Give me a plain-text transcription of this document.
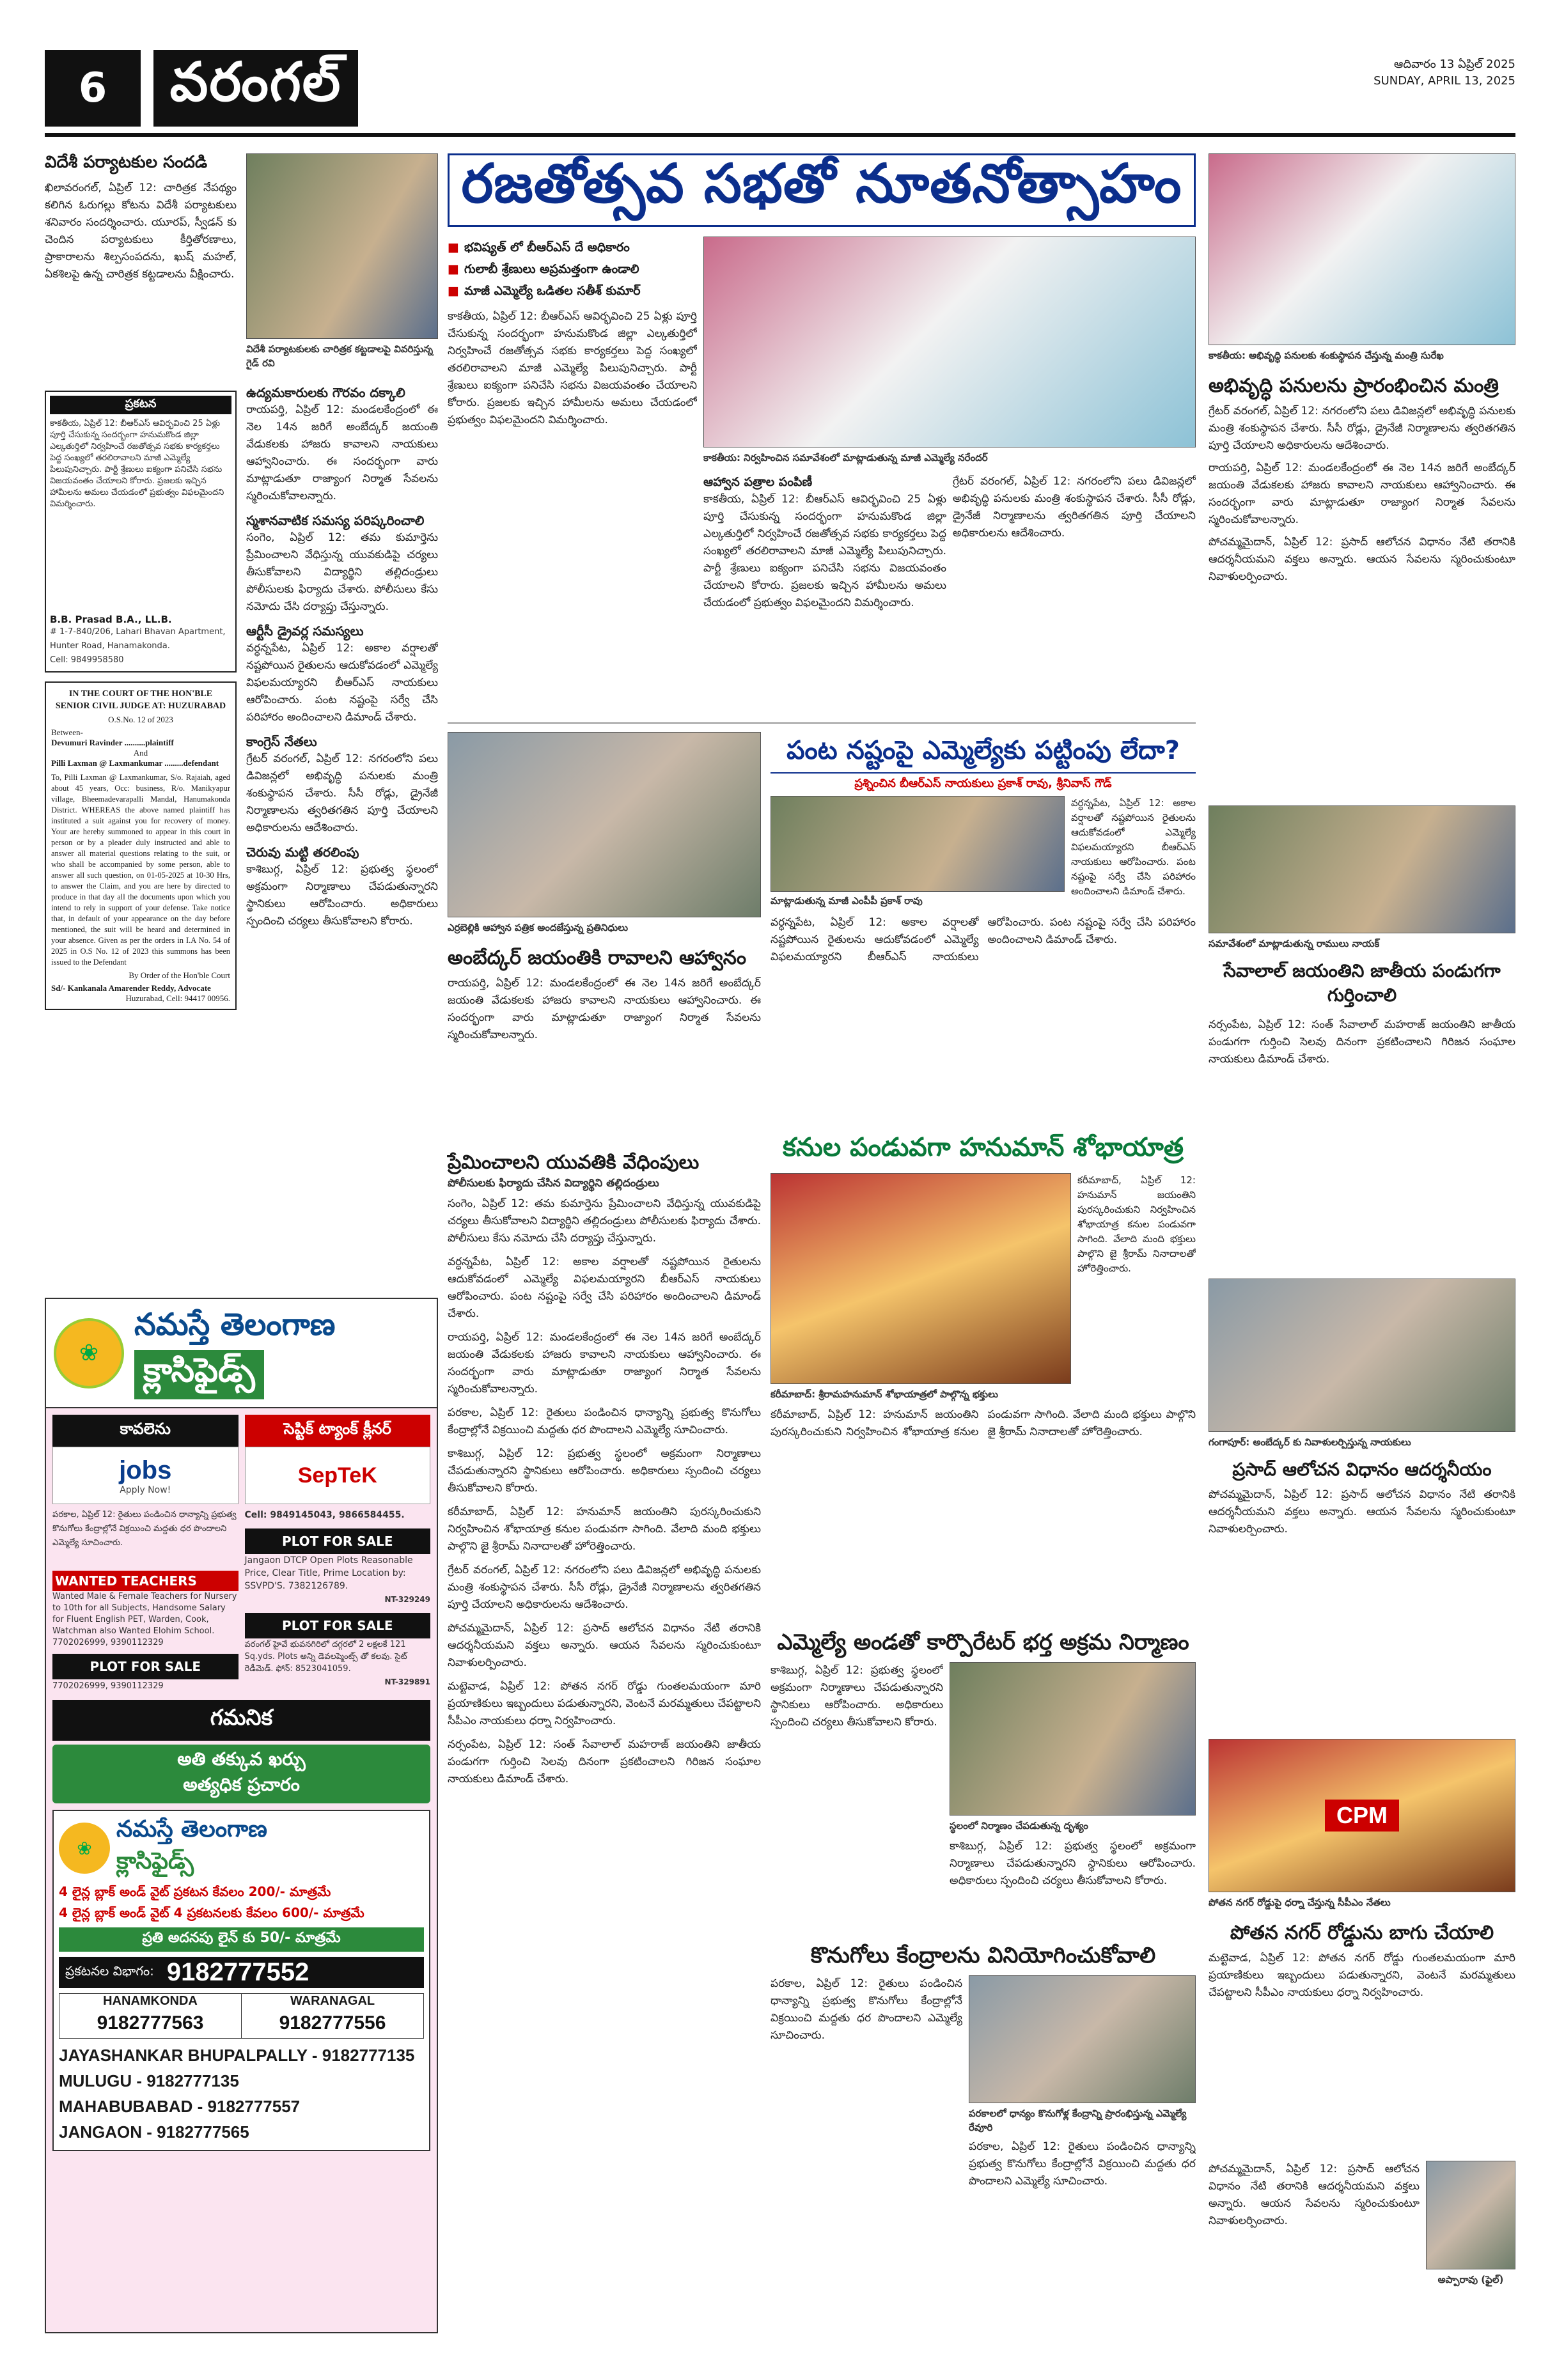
6	వరంగల్	ఆదివారం 13 ఏప్రిల్ 2025
SUNDAY, APRIL 13, 2025
విదేశీ పర్యాటకుల సందడి
ఖిలావరంగల్, ఏప్రిల్ 12: చారిత్రక నేపథ్యం కలిగిన ఓరుగల్లు కోటను విదేశీ పర్యాటకులు శనివారం సందర్శించారు. యూరప్, స్వీడన్ కు చెందిన పర్యాటకులు కీర్తితోరణాలు, ప్రాకారాలను శిల్పసంపదను, ఖుష్ మహల్, ఏకశిలపై ఉన్న చారిత్రక కట్టడాలను వీక్షించారు.
ప్రకటన
కాకతీయ, ఏప్రిల్ 12: బీఆర్ఎస్ ఆవిర్భవించి 25 ఏళ్లు పూర్తి చేసుకున్న సందర్భంగా హనుమకొండ జిల్లా ఎల్కతుర్తిలో నిర్వహించే రజతోత్సవ సభకు కార్యకర్తలు పెద్ద సంఖ్యలో తరలిరావాలని మాజీ ఎమ్మెల్యే పిలుపునిచ్చారు. పార్టీ శ్రేణులు ఐక్యంగా పనిచేసి సభను విజయవంతం చేయాలని కోరారు. ప్రజలకు ఇచ్చిన హామీలను అమలు చేయడంలో ప్రభుత్వం విఫలమైందని విమర్శించారు.
B.B. Prasad B.A., LL.B.
# 1-7-840/206, Lahari Bhavan Apartment, Hunter Road, Hanamakonda.
Cell: 9849958580
IN THE COURT OF THE HON'BLE SENIOR CIVIL JUDGE AT: HUZURABAD
O.S.No. 12 of 2023
Between-
Devumuri Ravinder ..........plaintiff
And
Pilli Laxman @ Laxmankumar .........defendant
To, Pilli Laxman @ Laxmankumar, S/o. Rajaiah, aged about 45 years, Occ: business, R/o. Manikyapur village, Bheemadevarapalli Mandal, Hanumakonda District. WHEREAS the above named plaintiff has instituted a suit against you for recovery of money. Your are hereby summoned to appear in this court in person or by a pleader duly instructed and able to answer all material questions relating to the suit, or who shall be accompanied by some person, able to answer all such question, on 01-05-2025 at 10-30 Hrs, to answer the Claim, and you are here by directed to produce in that day all the documents upon which you intend to rely in support of your defense. Take notice that, in default of your appearance on the day before mentioned, the suit will be heard and determined in your absence. Given as per the orders in I.A No. 54 of 2025 in O.S No. 12 of 2023 this summons has been issued to the Defendant
By Order of the Hon'ble Court
Sd/- Kankanala Amarender Reddy, Advocate
Huzurabad, Cell: 94417 00956.
విదేశీ పర్యాటకులకు చారిత్రక కట్టడాలపై వివరిస్తున్న గైడ్ రవి
ఉద్యమకారులకు గౌరవం దక్కాలి
రాయపర్తి, ఏప్రిల్ 12: మండలకేంద్రంలో ఈ నెల 14న జరిగే అంబేద్కర్ జయంతి వేడుకలకు హాజరు కావాలని నాయకులు ఆహ్వానించారు. ఈ సందర్భంగా వారు మాట్లాడుతూ రాజ్యాంగ నిర్మాత సేవలను స్మరించుకోవాలన్నారు.
స్మశానవాటిక సమస్య పరిష్కరించాలి
సంగెం, ఏప్రిల్ 12: తమ కుమార్తెను ప్రేమించాలని వేధిస్తున్న యువకుడిపై చర్యలు తీసుకోవాలని విద్యార్థిని తల్లిదండ్రులు పోలీసులకు ఫిర్యాదు చేశారు. పోలీసులు కేసు నమోదు చేసి దర్యాప్తు చేస్తున్నారు.
ఆర్టీసీ డ్రైవర్ల సమస్యలు
వర్ధన్నపేట, ఏప్రిల్ 12: అకాల వర్షాలతో నష్టపోయిన రైతులను ఆదుకోవడంలో ఎమ్మెల్యే విఫలమయ్యారని బీఆర్ఎస్ నాయకులు ఆరోపించారు. పంట నష్టంపై సర్వే చేసి పరిహారం అందించాలని డిమాండ్ చేశారు.
కాంగ్రెస్ నేతలు
గ్రేటర్ వరంగల్, ఏప్రిల్ 12: నగరంలోని పలు డివిజన్లలో అభివృద్ధి పనులకు మంత్రి శంకుస్థాపన చేశారు. సీసీ రోడ్లు, డ్రైనేజీ నిర్మాణాలను త్వరితగతిన పూర్తి చేయాలని అధికారులను ఆదేశించారు.
చెరువు మట్టి తరలింపు
కాశిబుగ్గ, ఏప్రిల్ 12: ప్రభుత్వ స్థలంలో అక్రమంగా నిర్మాణాలు చేపడుతున్నారని స్థానికులు ఆరోపించారు. అధికారులు స్పందించి చర్యలు తీసుకోవాలని కోరారు.
❀
నమస్తే తెలంగాణ
క్లాసిఫైడ్స్
కావలెను
jobs
Apply Now!
పరకాల, ఏప్రిల్ 12: రైతులు పండించిన ధాన్యాన్ని ప్రభుత్వ కొనుగోలు కేంద్రాల్లోనే విక్రయించి మద్దతు ధర పొందాలని ఎమ్మెల్యే సూచించారు.
WANTED TEACHERS
Wanted Male & Female Teachers for Nursery to 10th for all Subjects, Handsome Salary for Fluent English PET, Warden, Cook, Watchman also Wanted Elohim School. 7702026999, 9390112329
PLOT FOR SALE
7702026999, 9390112329
సెప్టిక్ ట్యాంక్ క్లీనర్
SepTeK
Cell: 9849145043, 9866584455.
PLOT FOR SALE
Jangaon DTCP Open Plots Reasonable Price, Clear Title, Prime Location by: SSVPD'S. 7382126789.
NT-329249
PLOT FOR SALE
వరంగల్ హైవే భువనగిరిలో దగ్గరలో 2 లక్షలకే 121 Sq.yds. Plots అన్ని డెవలప్మెంట్స్ తో కలవు. సైట్ రెడీమెడ్. ఫోన్: 8523041059.
NT-329891
గమనిక
అతి తక్కువ ఖర్చు
అత్యధిక ప్రచారం
❀
నమస్తే తెలంగాణ
క్లాసిఫైడ్స్
4 లైన్ల బ్లాక్ అండ్ వైట్ ప్రకటన కేవలం 200/- మాత్రమే
4 లైన్ల బ్లాక్ అండ్ వైట్ 4 ప్రకటనలకు కేవలం 600/- మాత్రమే
ప్రతి అదనపు లైన్ కు 50/- మాత్రమే
ప్రకటనల విభాగం: 9182777552
HANAMKONDA
9182777563
WARANAGAL
9182777556
JAYASHANKAR BHUPALPALLY - 9182777135
MULUGU - 9182777135
MAHABUBABAD - 9182777557
JANGAON - 9182777565
రజతోత్సవ సభతో నూతనోత్సాహం
■ భవిష్యత్ లో బీఆర్ఎస్ దే అధికారం
■ గులాబీ శ్రేణులు అప్రమత్తంగా ఉండాలి
■ మాజీ ఎమ్మెల్యే ఒడితల సతీశ్ కుమార్
కాకతీయ, ఏప్రిల్ 12: బీఆర్ఎస్ ఆవిర్భవించి 25 ఏళ్లు పూర్తి చేసుకున్న సందర్భంగా హనుమకొండ జిల్లా ఎల్కతుర్తిలో నిర్వహించే రజతోత్సవ సభకు కార్యకర్తలు పెద్ద సంఖ్యలో తరలిరావాలని మాజీ ఎమ్మెల్యే పిలుపునిచ్చారు. పార్టీ శ్రేణులు ఐక్యంగా పనిచేసి సభను విజయవంతం చేయాలని కోరారు. ప్రజలకు ఇచ్చిన హామీలను అమలు చేయడంలో ప్రభుత్వం విఫలమైందని విమర్శించారు.
కాకతీయ: నిర్వహించిన సమావేశంలో మాట్లాడుతున్న మాజీ ఎమ్మెల్యే నరేందర్
ఆహ్వాన పత్రాల పంపిణీ
కాకతీయ, ఏప్రిల్ 12: బీఆర్ఎస్ ఆవిర్భవించి 25 ఏళ్లు పూర్తి చేసుకున్న సందర్భంగా హనుమకొండ జిల్లా ఎల్కతుర్తిలో నిర్వహించే రజతోత్సవ సభకు కార్యకర్తలు పెద్ద సంఖ్యలో తరలిరావాలని మాజీ ఎమ్మెల్యే పిలుపునిచ్చారు. పార్టీ శ్రేణులు ఐక్యంగా పనిచేసి సభను విజయవంతం చేయాలని కోరారు. ప్రజలకు ఇచ్చిన హామీలను అమలు చేయడంలో ప్రభుత్వం విఫలమైందని విమర్శించారు.
గ్రేటర్ వరంగల్, ఏప్రిల్ 12: నగరంలోని పలు డివిజన్లలో అభివృద్ధి పనులకు మంత్రి శంకుస్థాపన చేశారు. సీసీ రోడ్లు, డ్రైనేజీ నిర్మాణాలను త్వరితగతిన పూర్తి చేయాలని అధికారులను ఆదేశించారు.
ఎర్రబెల్లికి ఆహ్వాన పత్రిక అందజేస్తున్న ప్రతినిధులు
అంబేద్కర్ జయంతికి రావాలని ఆహ్వానం
రాయపర్తి, ఏప్రిల్ 12: మండలకేంద్రంలో ఈ నెల 14న జరిగే అంబేద్కర్ జయంతి వేడుకలకు హాజరు కావాలని నాయకులు ఆహ్వానించారు. ఈ సందర్భంగా వారు మాట్లాడుతూ రాజ్యాంగ నిర్మాత సేవలను స్మరించుకోవాలన్నారు.
ప్రేమించాలని యువతికి వేధింపులు
పోలీసులకు ఫిర్యాదు చేసిన విద్యార్థిని తల్లిదండ్రులు
సంగెం, ఏప్రిల్ 12: తమ కుమార్తెను ప్రేమించాలని వేధిస్తున్న యువకుడిపై చర్యలు తీసుకోవాలని విద్యార్థిని తల్లిదండ్రులు పోలీసులకు ఫిర్యాదు చేశారు. పోలీసులు కేసు నమోదు చేసి దర్యాప్తు చేస్తున్నారు.
వర్ధన్నపేట, ఏప్రిల్ 12: అకాల వర్షాలతో నష్టపోయిన రైతులను ఆదుకోవడంలో ఎమ్మెల్యే విఫలమయ్యారని బీఆర్ఎస్ నాయకులు ఆరోపించారు. పంట నష్టంపై సర్వే చేసి పరిహారం అందించాలని డిమాండ్ చేశారు.
రాయపర్తి, ఏప్రిల్ 12: మండలకేంద్రంలో ఈ నెల 14న జరిగే అంబేద్కర్ జయంతి వేడుకలకు హాజరు కావాలని నాయకులు ఆహ్వానించారు. ఈ సందర్భంగా వారు మాట్లాడుతూ రాజ్యాంగ నిర్మాత సేవలను స్మరించుకోవాలన్నారు.
పరకాల, ఏప్రిల్ 12: రైతులు పండించిన ధాన్యాన్ని ప్రభుత్వ కొనుగోలు కేంద్రాల్లోనే విక్రయించి మద్దతు ధర పొందాలని ఎమ్మెల్యే సూచించారు.
కాశిబుగ్గ, ఏప్రిల్ 12: ప్రభుత్వ స్థలంలో అక్రమంగా నిర్మాణాలు చేపడుతున్నారని స్థానికులు ఆరోపించారు. అధికారులు స్పందించి చర్యలు తీసుకోవాలని కోరారు.
కరీమాబాద్, ఏప్రిల్ 12: హనుమాన్ జయంతిని పురస్కరించుకుని నిర్వహించిన శోభాయాత్ర కనుల పండువగా సాగింది. వేలాది మంది భక్తులు పాల్గొని జై శ్రీరామ్ నినాదాలతో హోరెత్తించారు.
గ్రేటర్ వరంగల్, ఏప్రిల్ 12: నగరంలోని పలు డివిజన్లలో అభివృద్ధి పనులకు మంత్రి శంకుస్థాపన చేశారు. సీసీ రోడ్లు, డ్రైనేజీ నిర్మాణాలను త్వరితగతిన పూర్తి చేయాలని అధికారులను ఆదేశించారు.
పోచమ్మమైదాన్, ఏప్రిల్ 12: ప్రసాద్ ఆలోచన విధానం నేటి తరానికి ఆదర్శనీయమని వక్తలు అన్నారు. ఆయన సేవలను స్మరించుకుంటూ నివాళులర్పించారు.
మట్టెవాడ, ఏప్రిల్ 12: పోతన నగర్ రోడ్డు గుంతలమయంగా మారి ప్రయాణికులు ఇబ్బందులు పడుతున్నారని, వెంటనే మరమ్మతులు చేపట్టాలని సీపీఎం నాయకులు ధర్నా నిర్వహించారు.
నర్సంపేట, ఏప్రిల్ 12: సంత్ సేవాలాల్ మహరాజ్ జయంతిని జాతీయ పండుగగా గుర్తించి సెలవు దినంగా ప్రకటించాలని గిరిజన సంఘాల నాయకులు డిమాండ్ చేశారు.
పంట నష్టంపై ఎమ్మెల్యేకు పట్టింపు లేదా?
ప్రశ్నించిన బీఆర్ఎస్ నాయకులు ప్రకాశ్ రావు, శ్రీనివాస్ గౌడ్
మాట్లాడుతున్న మాజీ ఎంపీపీ ప్రకాశ్ రావు
వర్ధన్నపేట, ఏప్రిల్ 12: అకాల వర్షాలతో నష్టపోయిన రైతులను ఆదుకోవడంలో ఎమ్మెల్యే విఫలమయ్యారని బీఆర్ఎస్ నాయకులు ఆరోపించారు. పంట నష్టంపై సర్వే చేసి పరిహారం అందించాలని డిమాండ్ చేశారు.
వర్ధన్నపేట, ఏప్రిల్ 12: అకాల వర్షాలతో నష్టపోయిన రైతులను ఆదుకోవడంలో ఎమ్మెల్యే విఫలమయ్యారని బీఆర్ఎస్ నాయకులు ఆరోపించారు. పంట నష్టంపై సర్వే చేసి పరిహారం అందించాలని డిమాండ్ చేశారు.
కనుల పండువగా హనుమాన్ శోభాయాత్ర
కరీమాబాద్, ఏప్రిల్ 12: హనుమాన్ జయంతిని పురస్కరించుకుని నిర్వహించిన శోభాయాత్ర కనుల పండువగా సాగింది. వేలాది మంది భక్తులు పాల్గొని జై శ్రీరామ్ నినాదాలతో హోరెత్తించారు.
కరీమాబాద్: శ్రీరామహనుమాన్ శోభాయాత్రలో పాల్గొన్న భక్తులు
కరీమాబాద్, ఏప్రిల్ 12: హనుమాన్ జయంతిని పురస్కరించుకుని నిర్వహించిన శోభాయాత్ర కనుల పండువగా సాగింది. వేలాది మంది భక్తులు పాల్గొని జై శ్రీరామ్ నినాదాలతో హోరెత్తించారు.
ఎమ్మెల్యే అండతో కార్పొరేటర్ భర్త అక్రమ నిర్మాణం
కాశిబుగ్గ, ఏప్రిల్ 12: ప్రభుత్వ స్థలంలో అక్రమంగా నిర్మాణాలు చేపడుతున్నారని స్థానికులు ఆరోపించారు. అధికారులు స్పందించి చర్యలు తీసుకోవాలని కోరారు.
స్థలంలో నిర్మాణం చేపడుతున్న దృశ్యం
కాశిబుగ్గ, ఏప్రిల్ 12: ప్రభుత్వ స్థలంలో అక్రమంగా నిర్మాణాలు చేపడుతున్నారని స్థానికులు ఆరోపించారు. అధికారులు స్పందించి చర్యలు తీసుకోవాలని కోరారు.
కొనుగోలు కేంద్రాలను వినియోగించుకోవాలి
పరకాల, ఏప్రిల్ 12: రైతులు పండించిన ధాన్యాన్ని ప్రభుత్వ కొనుగోలు కేంద్రాల్లోనే విక్రయించి మద్దతు ధర పొందాలని ఎమ్మెల్యే సూచించారు.
పరకాలలో ధాన్యం కొనుగోళ్ల కేంద్రాన్ని ప్రారంభిస్తున్న ఎమ్మెల్యే రేవూరి
పరకాల, ఏప్రిల్ 12: రైతులు పండించిన ధాన్యాన్ని ప్రభుత్వ కొనుగోలు కేంద్రాల్లోనే విక్రయించి మద్దతు ధర పొందాలని ఎమ్మెల్యే సూచించారు.
కాకతీయ: అభివృద్ధి పనులకు శంకుస్థాపన చేస్తున్న మంత్రి సురేఖ
అభివృద్ధి పనులను ప్రారంభించిన మంత్రి
గ్రేటర్ వరంగల్, ఏప్రిల్ 12: నగరంలోని పలు డివిజన్లలో అభివృద్ధి పనులకు మంత్రి శంకుస్థాపన చేశారు. సీసీ రోడ్లు, డ్రైనేజీ నిర్మాణాలను త్వరితగతిన పూర్తి చేయాలని అధికారులను ఆదేశించారు.
రాయపర్తి, ఏప్రిల్ 12: మండలకేంద్రంలో ఈ నెల 14న జరిగే అంబేద్కర్ జయంతి వేడుకలకు హాజరు కావాలని నాయకులు ఆహ్వానించారు. ఈ సందర్భంగా వారు మాట్లాడుతూ రాజ్యాంగ నిర్మాత సేవలను స్మరించుకోవాలన్నారు.
పోచమ్మమైదాన్, ఏప్రిల్ 12: ప్రసాద్ ఆలోచన విధానం నేటి తరానికి ఆదర్శనీయమని వక్తలు అన్నారు. ఆయన సేవలను స్మరించుకుంటూ నివాళులర్పించారు.
సమావేశంలో మాట్లాడుతున్న రాములు నాయక్
సేవాలాల్ జయంతిని జాతీయ పండుగగా గుర్తించాలి
నర్సంపేట, ఏప్రిల్ 12: సంత్ సేవాలాల్ మహరాజ్ జయంతిని జాతీయ పండుగగా గుర్తించి సెలవు దినంగా ప్రకటించాలని గిరిజన సంఘాల నాయకులు డిమాండ్ చేశారు.
గంగాపూర్: అంబేద్కర్ కు నివాళులర్పిస్తున్న నాయకులు
ప్రసాద్ ఆలోచన విధానం ఆదర్శనీయం
పోచమ్మమైదాన్, ఏప్రిల్ 12: ప్రసాద్ ఆలోచన విధానం నేటి తరానికి ఆదర్శనీయమని వక్తలు అన్నారు. ఆయన సేవలను స్మరించుకుంటూ నివాళులర్పించారు.
CPM
పోతన నగర్ రోడ్డుపై ధర్నా చేస్తున్న సీపీఎం నేతలు
పోతన నగర్ రోడ్డును బాగు చేయాలి
మట్టెవాడ, ఏప్రిల్ 12: పోతన నగర్ రోడ్డు గుంతలమయంగా మారి ప్రయాణికులు ఇబ్బందులు పడుతున్నారని, వెంటనే మరమ్మతులు చేపట్టాలని సీపీఎం నాయకులు ధర్నా నిర్వహించారు.
పోచమ్మమైదాన్, ఏప్రిల్ 12: ప్రసాద్ ఆలోచన విధానం నేటి తరానికి ఆదర్శనీయమని వక్తలు అన్నారు. ఆయన సేవలను స్మరించుకుంటూ నివాళులర్పించారు.
అప్పారావు (ఫైల్)
